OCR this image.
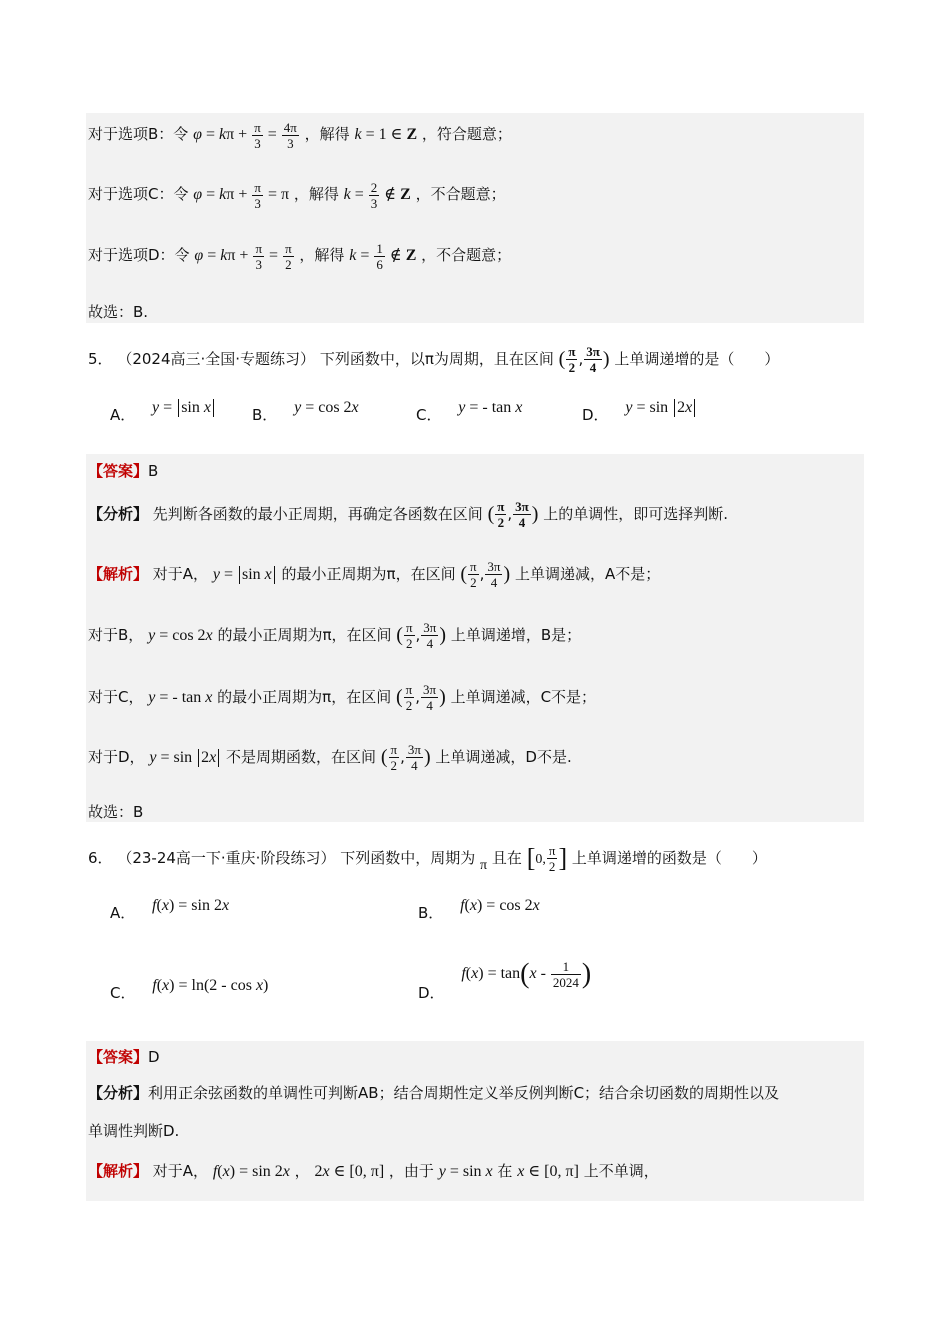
对于选项B：令 $\varphi = k\pi + \frac{\pi}{3} = \frac{4\pi}{3}$ ，解得 k = 1 ∈ Z ，符合题意；
对于选项C：令 $\varphi = k\pi + \frac{\pi}{3} = \pi$ ，解得 $k = \frac{2}{3}$ ∉ Z ，不合题意；
对于选项D：令 $\varphi = k\pi + \frac{\pi}{3} = \frac{\pi}{2}$ ，解得 $k = \frac{1}{6}$ ∉ Z ，不合题意；
故选：B.
5． （2024高三·全国·专题练习） 下列函数中，以π为周期，且在区间 ( $\frac{\pi}{2}$ , $\frac{3\pi}{4}$ ) 上单调递增的是（　　）
A． y = sin x	B． y = cos 2x	C． y = - tan x	D． y = sin 2x
【答案】B
【分析】 先判断各函数的最小正周期，再确定各函数在区间 ( $\frac{\pi}{2}$ , $\frac{3\pi}{4}$ ) 上的单调性，即可选择判断.
【解析】 对于A， y = sin x 的最小正周期为π，在区间 ( $\frac{\pi}{2}$ , $\frac{3\pi}{4}$ ) 上单调递减，A不是；
对于B， y = cos 2x 的最小正周期为π，在区间 ( $\frac{\pi}{2}$ , $\frac{3\pi}{4}$ ) 上单调递增，B是；
对于C， y = - tan x 的最小正周期为π，在区间 ( $\frac{\pi}{2}$ , $\frac{3\pi}{4}$ ) 上单调递减，C不是；
对于D， y = sin 2x 不是周期函数，在区间 ( $\frac{\pi}{2}$ , $\frac{3\pi}{4}$ ) 上单调递减，D不是.
故选：B
6． （23-24高一下·重庆·阶段练习） 下列函数中，周期为 π 且在 [0, $\frac{\pi}{2}$ ] 上单调递增的函数是（　　）
A． f(x) = sin 2x	B． f(x) = cos 2x
C． f(x) = ln(2 - cos x)	D． $f(x) = \tan(x - \frac{1}{2024}$ )
【答案】D
【分析】利用正余弦函数的单调性可判断AB；结合周期性定义举反例判断C；结合余切函数的周期性以及
单调性判断D.
【解析】 对于A， f(x) = sin 2x ， 2x ∈ [0, π] ，由于 y = sin x 在 x ∈ [0, π] 上不单调，
